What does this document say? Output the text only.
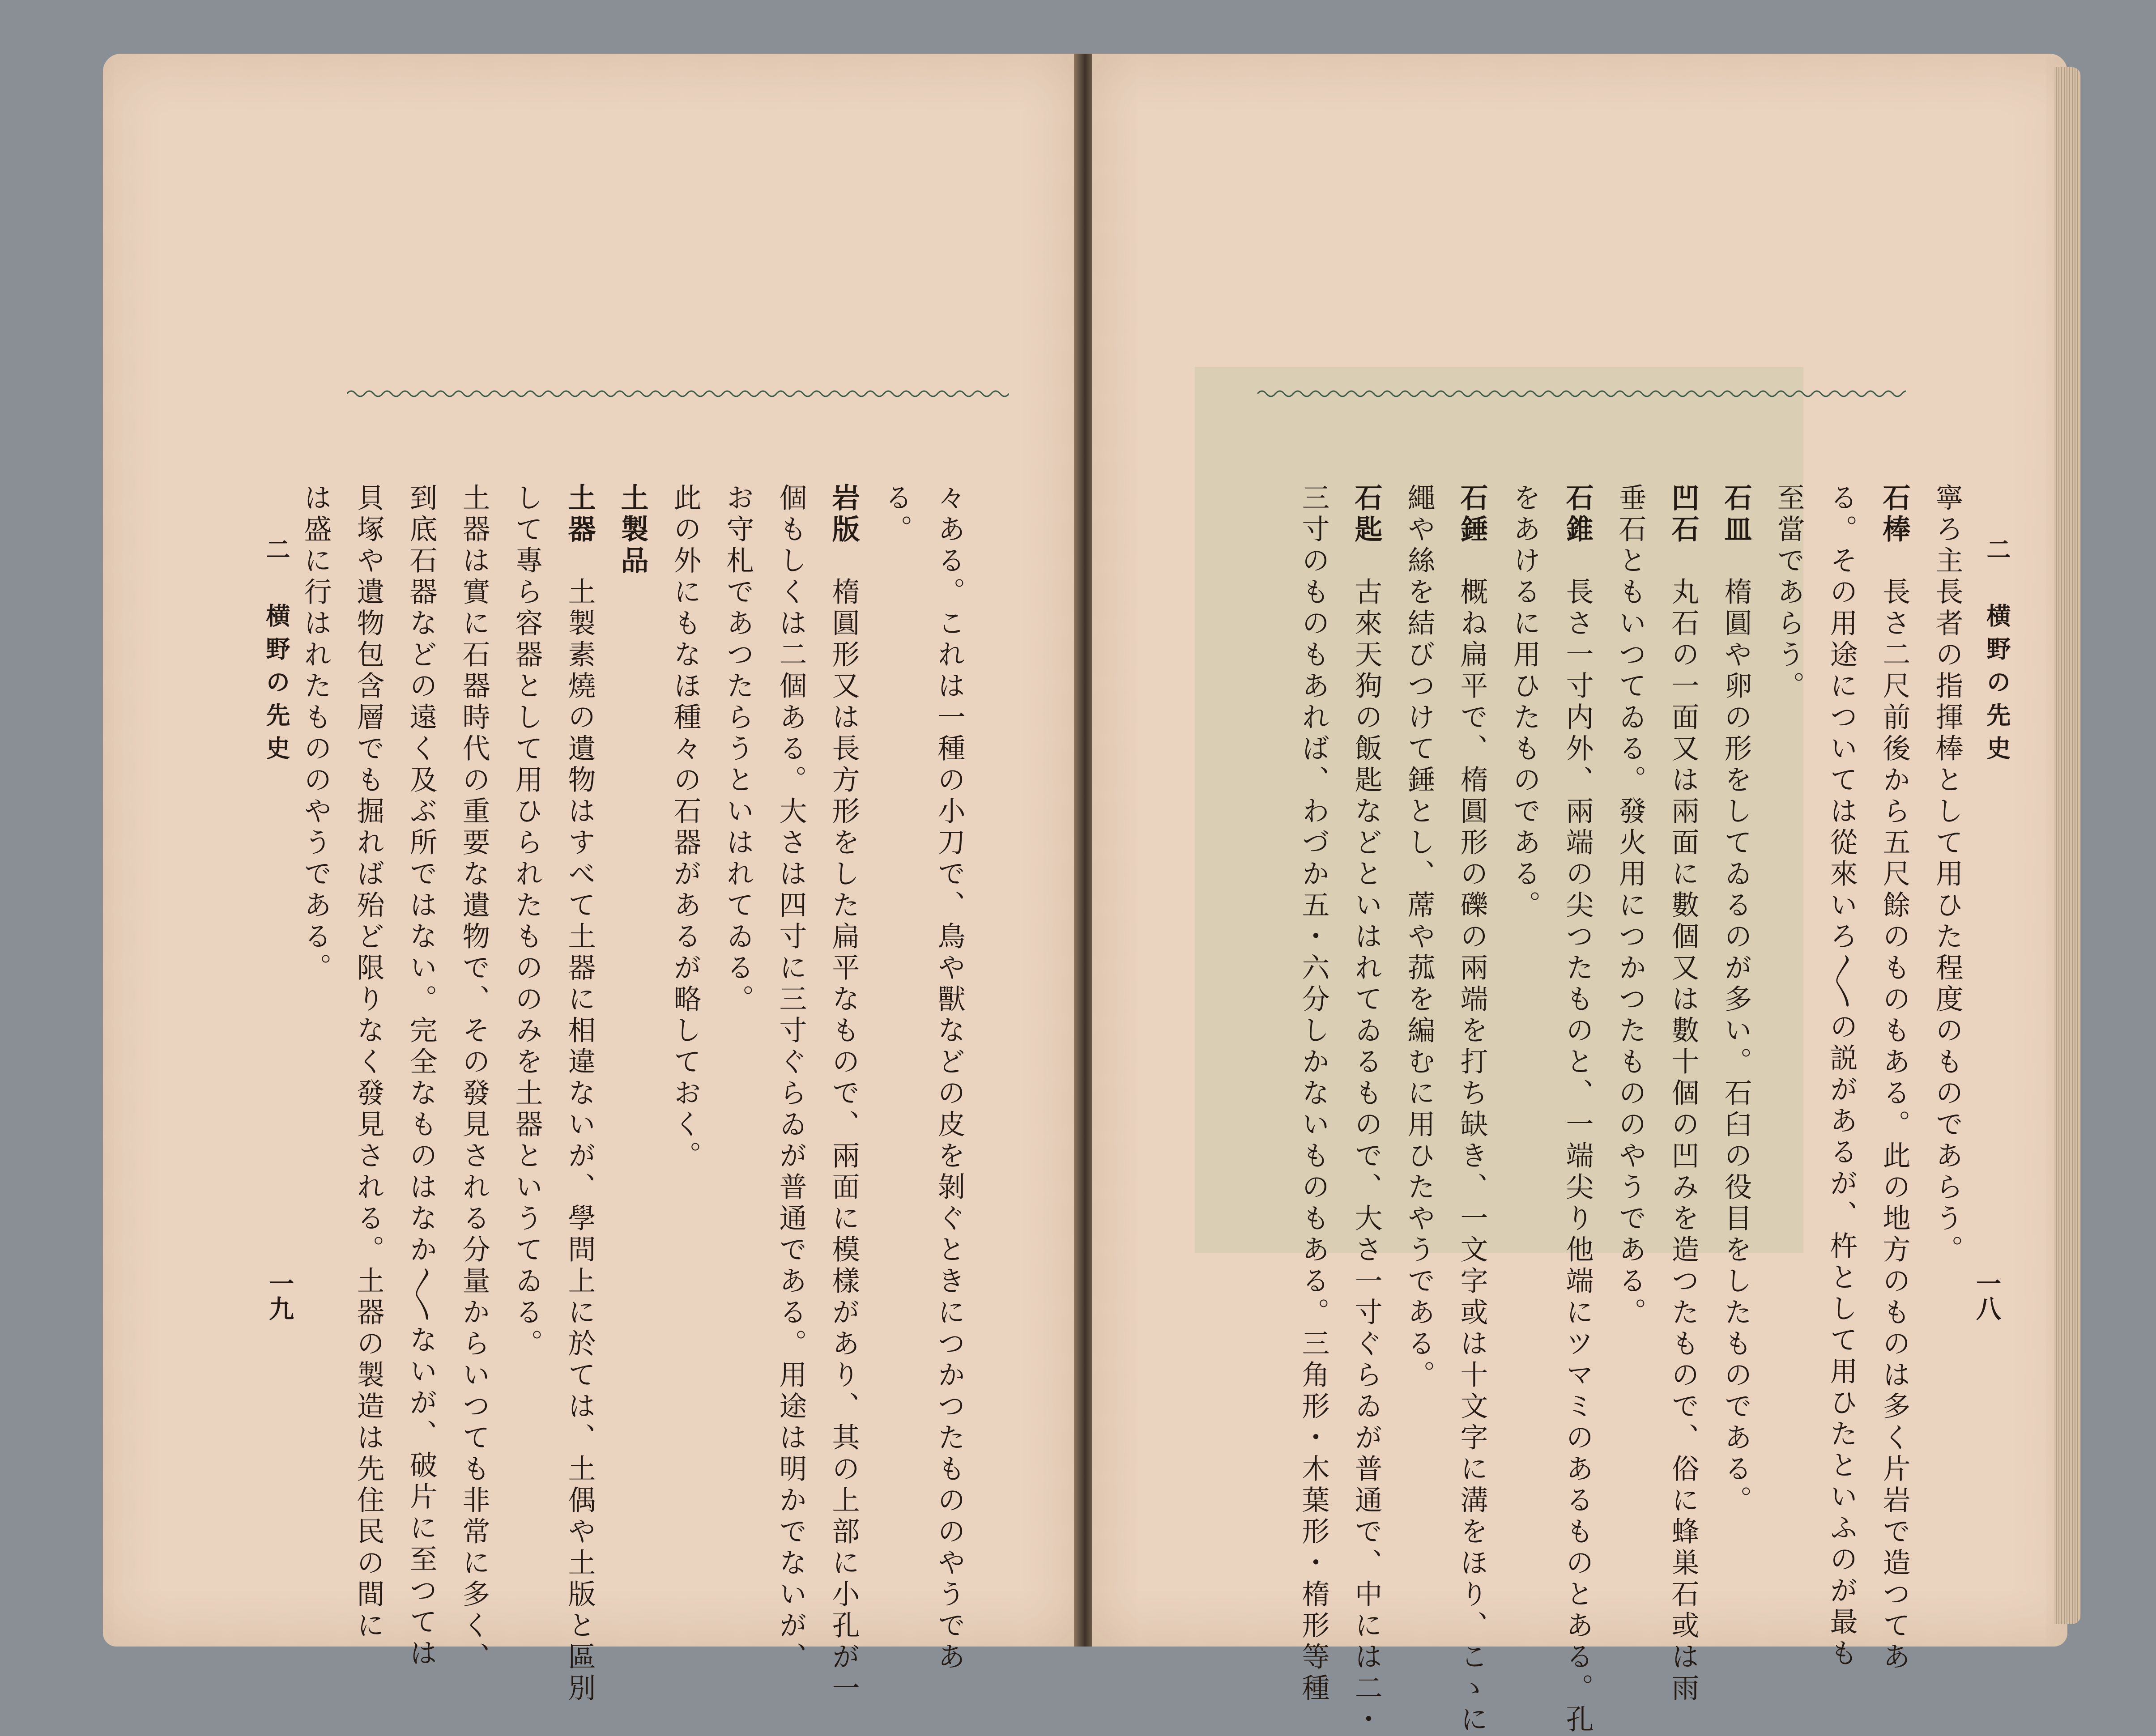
々ある。これは一種の小刀で、鳥や獸などの皮を剝ぐときにつかつたもののやうであ
る。
岩版　楕圓形又は長方形をした扁平なもので、兩面に模樣があり、其の上部に小孔が一
個もしくは二個ある。大さは四寸に三寸ぐらゐが普通である。用途は明かでないが、
お守札であつたらうといはれてゐる。
此の外にもなほ種々の石器があるが略しておく。
土製品
土器　土製素燒の遺物はすべて土器に相違ないが、學問上に於ては、土偶や土版と區別
して專ら容器として用ひられたもののみを土器というてゐる。
土器は實に石器時代の重要な遺物で、その發見される分量からいつても非常に多く、
到底石器などの遠く及ぶ所ではない。完全なものはなか〳〵ないが、破片に至つては
貝塚や遺物包含層でも掘れば殆ど限りなく發見される。土器の製造は先住民の間に
は盛に行はれたもののやうである。
二　横野の先史
一九
寧ろ主長者の指揮棒として用ひた程度のものであらう。
石棒　長さ二尺前後から五尺餘のものもある。此の地方のものは多く片岩で造つてあ
る。その用途については從來いろ〳〵の説があるが、杵として用ひたといふのが最も
至當であらう。
石皿　楕圓や卵の形をしてゐるのが多い。石臼の役目をしたものである。
凹石　丸石の一面又は兩面に數個又は數十個の凹みを造つたもので、俗に蜂巣石或は雨
垂石ともいつてゐる。發火用につかつたもののやうである。
石錐　長さ一寸内外、兩端の尖つたものと、一端尖り他端にツマミのあるものとある。孔
をあけるに用ひたものである。
石錘　概ね扁平で、楕圓形の礫の兩端を打ち缺き、一文字或は十文字に溝をほり、こゝに
繩や絲を結びつけて錘とし、蓆や菰を編むに用ひたやうである。
石匙　古來天狗の飯匙などといはれてゐるもので、大さ一寸ぐらゐが普通で、中には二・
三寸のものもあれば、わづか五・六分しかないものもある。三角形・木葉形・楕形等種	二　横野の先史
一八
